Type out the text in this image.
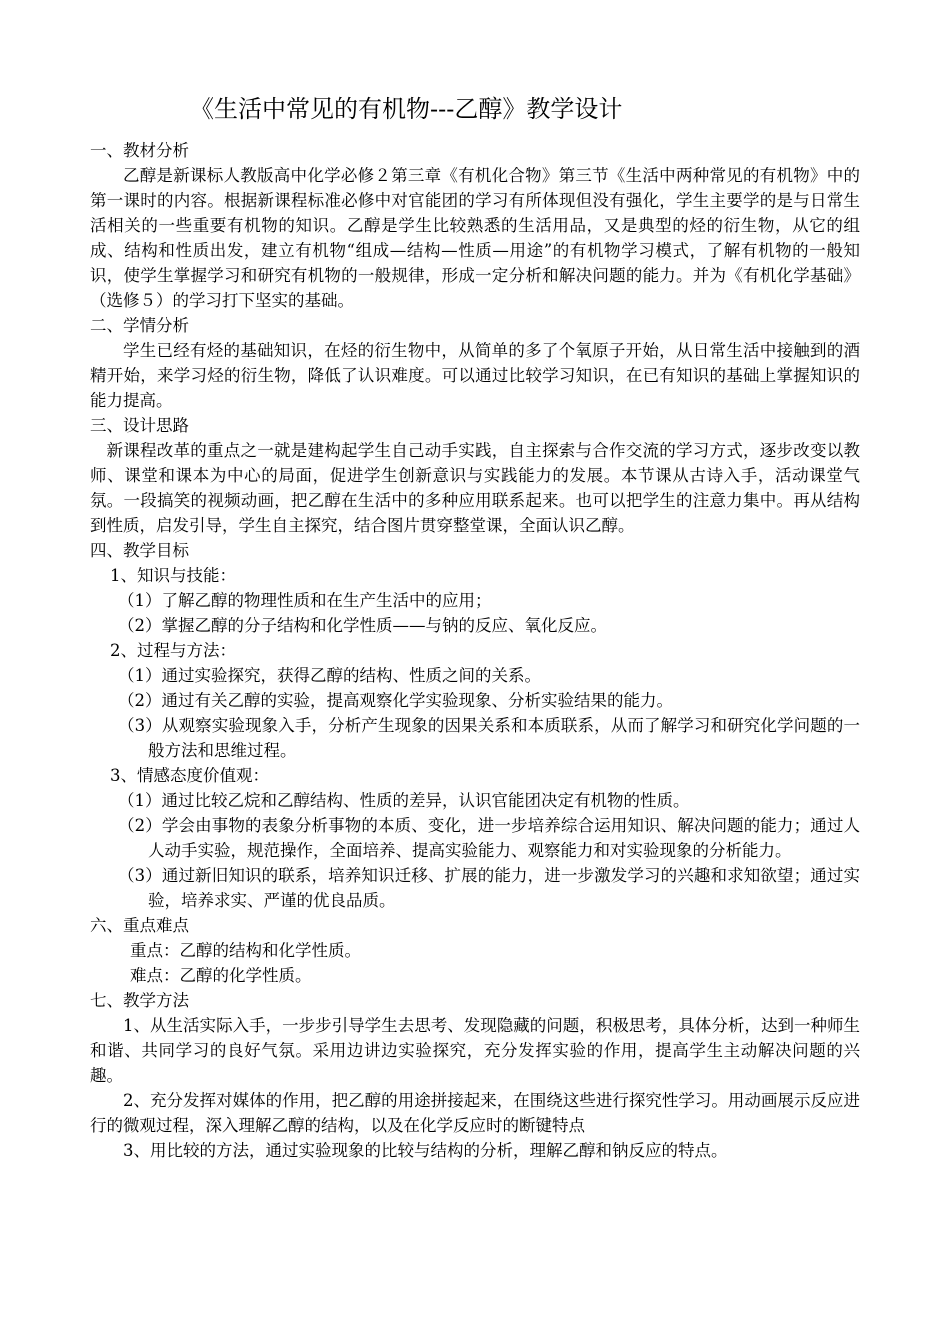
《生活中常见的有机物---乙醇》教学设计

一、教材分析

乙醇是新课标人教版高中化学必修２第三章《有机化合物》第三节《生活中两种常见的有机物》中的第一课时的内容。根据新课程标准必修中对官能团的学习有所体现但没有强化，学生主要学的是与日常生活相关的一些重要有机物的知识。乙醇是学生比较熟悉的生活用品，又是典型的烃的衍生物，从它的组成、结构和性质出发，建立有机物“组成—结构—性质—用途”的有机物学习模式，了解有机物的一般知识，使学生掌握学习和研究有机物的一般规律，形成一定分析和解决问题的能力。并为《有机化学基础》（选修５）的学习打下坚实的基础。

二、学情分析

学生已经有烃的基础知识，在烃的衍生物中，从简单的多了个氧原子开始，从日常生活中接触到的酒精开始，来学习烃的衍生物，降低了认识难度。可以通过比较学习知识，在已有知识的基础上掌握知识的能力提高。

三、设计思路

新课程改革的重点之一就是建构起学生自己动手实践，自主探索与合作交流的学习方式，逐步改变以教师、课堂和课本为中心的局面，促进学生创新意识与实践能力的发展。本节课从古诗入手，活动课堂气氛。一段搞笑的视频动画，把乙醇在生活中的多种应用联系起来。也可以把学生的注意力集中。再从结构到性质，启发引导，学生自主探究，结合图片贯穿整堂课，全面认识乙醇。

四、教学目标

1、知识与技能：

（1）了解乙醇的物理性质和在生产生活中的应用；

（2）掌握乙醇的分子结构和化学性质——与钠的反应、氧化反应。

2、过程与方法：

（1）通过实验探究，获得乙醇的结构、性质之间的关系。

（2）通过有关乙醇的实验，提高观察化学实验现象、分析实验结果的能力。

（3）从观察实验现象入手，分析产生现象的因果关系和本质联系，从而了解学习和研究化学问题的一般方法和思维过程。

3、情感态度价值观：

（1）通过比较乙烷和乙醇结构、性质的差异，认识官能团决定有机物的性质。

（2）学会由事物的表象分析事物的本质、变化，进一步培养综合运用知识、解决问题的能力；通过人人动手实验，规范操作，全面培养、提高实验能力、观察能力和对实验现象的分析能力。

（3）通过新旧知识的联系，培养知识迁移、扩展的能力，进一步激发学习的兴趣和求知欲望；通过实验，培养求实、严谨的优良品质。

六、重点难点

重点：乙醇的结构和化学性质。

难点：乙醇的化学性质。

七、教学方法

1、从生活实际入手，一步步引导学生去思考、发现隐藏的问题，积极思考，具体分析，达到一种师生和谐、共同学习的良好气氛。采用边讲边实验探究，充分发挥实验的作用，提高学生主动解决问题的兴趣。

2、充分发挥对媒体的作用，把乙醇的用途拼接起来，在围绕这些进行探究性学习。用动画展示反应进行的微观过程，深入理解乙醇的结构，以及在化学反应时的断键特点

3、用比较的方法，通过实验现象的比较与结构的分析，理解乙醇和钠反应的特点。
